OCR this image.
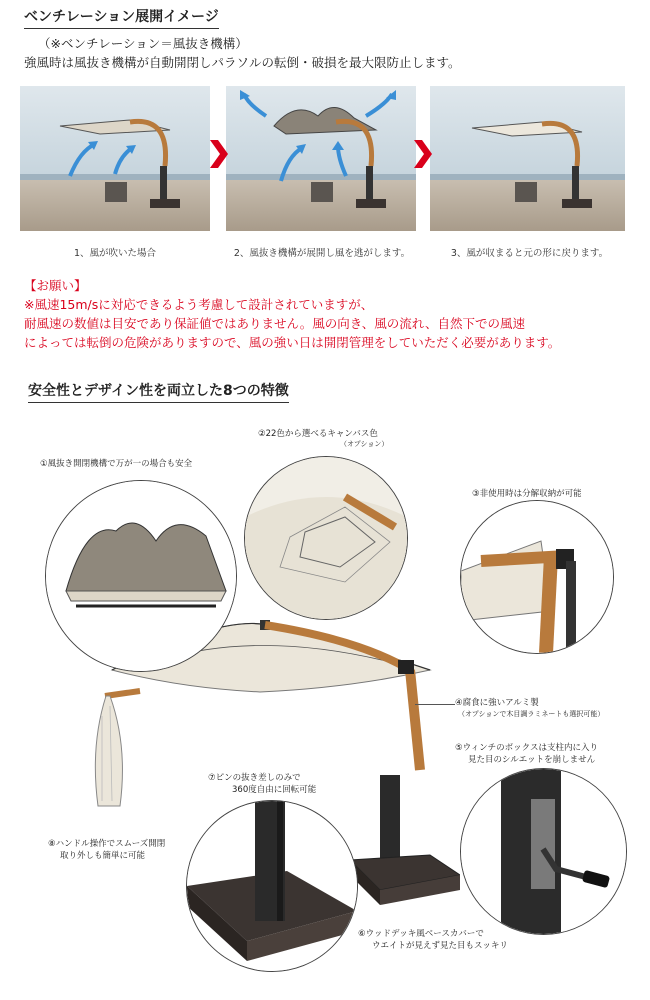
ベンチレーション展開イメージ
（※ベンチレーション＝風抜き機構）
強風時は風抜き機構が自動開閉しパラソルの転倒・破損を最大限防止します。
1、風が吹いた場合	2、風抜き機構が展開し風を逃がします。	3、風が収まると元の形に戻ります。
【お願い】
※風速15m/sに対応できるよう考慮して設計されていますが、
耐風速の数値は目安であり保証値ではありません。風の向き、風の流れ、自然下での風速
によっては転倒の危険がありますので、風の強い日は開閉管理をしていただく必要があります。
安全性とデザイン性を両立した8つの特徴
①風抜き開閉機構で万が一の場合も安全
②22色から選べるキャンバス色
（オプション）
③非使用時は分解収納が可能
④腐食に強いアルミ製
（オプションで木目調ラミネートも選択可能）
⑤ウィンチのボックスは支柱内に入り
見た目のシルエットを崩しません
⑦ピンの抜き差しのみで
360度自由に回転可能
⑧ハンドル操作でスムーズ開閉
取り外しも簡単に可能
⑥ウッドデッキ風ベースカバーで
ウエイトが見えず見た目もスッキリ
